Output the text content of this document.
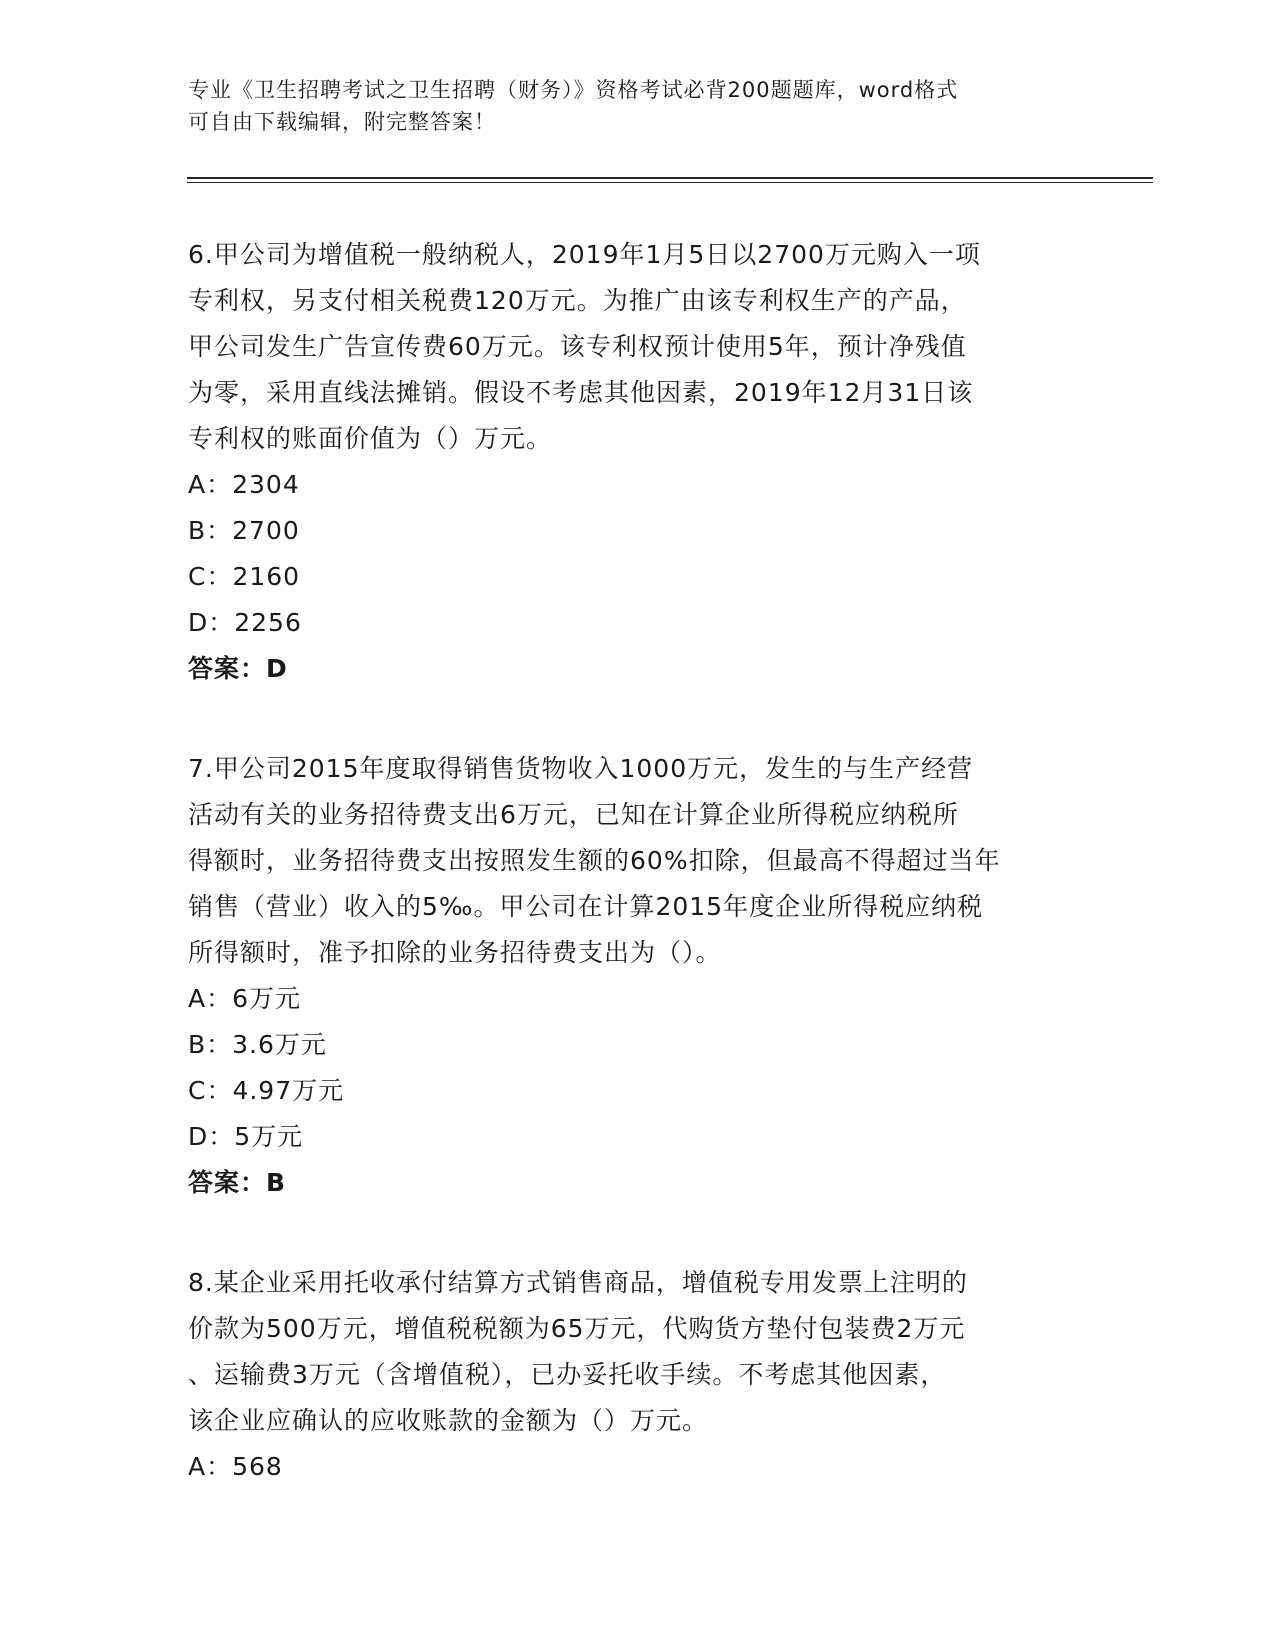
专业《卫生招聘考试之卫生招聘（财务）》资格考试必背200题题库，word格式
可自由下载编辑，附完整答案！
6.甲公司为增值税一般纳税人，2019年1月5日以2700万元购入一项
专利权，另支付相关税费120万元。为推广由该专利权生产的产品，
甲公司发生广告宣传费60万元。该专利权预计使用5年，预计净残值
为零，采用直线法摊销。假设不考虑其他因素，2019年12月31日该
专利权的账面价值为（）万元。
A：2304
B：2700
C：2160
D：2256
答案：D
7.甲公司2015年度取得销售货物收入1000万元，发生的与生产经营
活动有关的业务招待费支出6万元，已知在计算企业所得税应纳税所
得额时，业务招待费支出按照发生额的60%扣除，但最高不得超过当年
销售（营业）收入的5‰。甲公司在计算2015年度企业所得税应纳税
所得额时，准予扣除的业务招待费支出为（）。
A：6万元
B：3.6万元
C：4.97万元
D：5万元
答案：B
8.某企业采用托收承付结算方式销售商品，增值税专用发票上注明的
价款为500万元，增值税税额为65万元，代购货方垫付包装费2万元
、运输费3万元（含增值税），已办妥托收手续。不考虑其他因素，
该企业应确认的应收账款的金额为（）万元。
A：568
